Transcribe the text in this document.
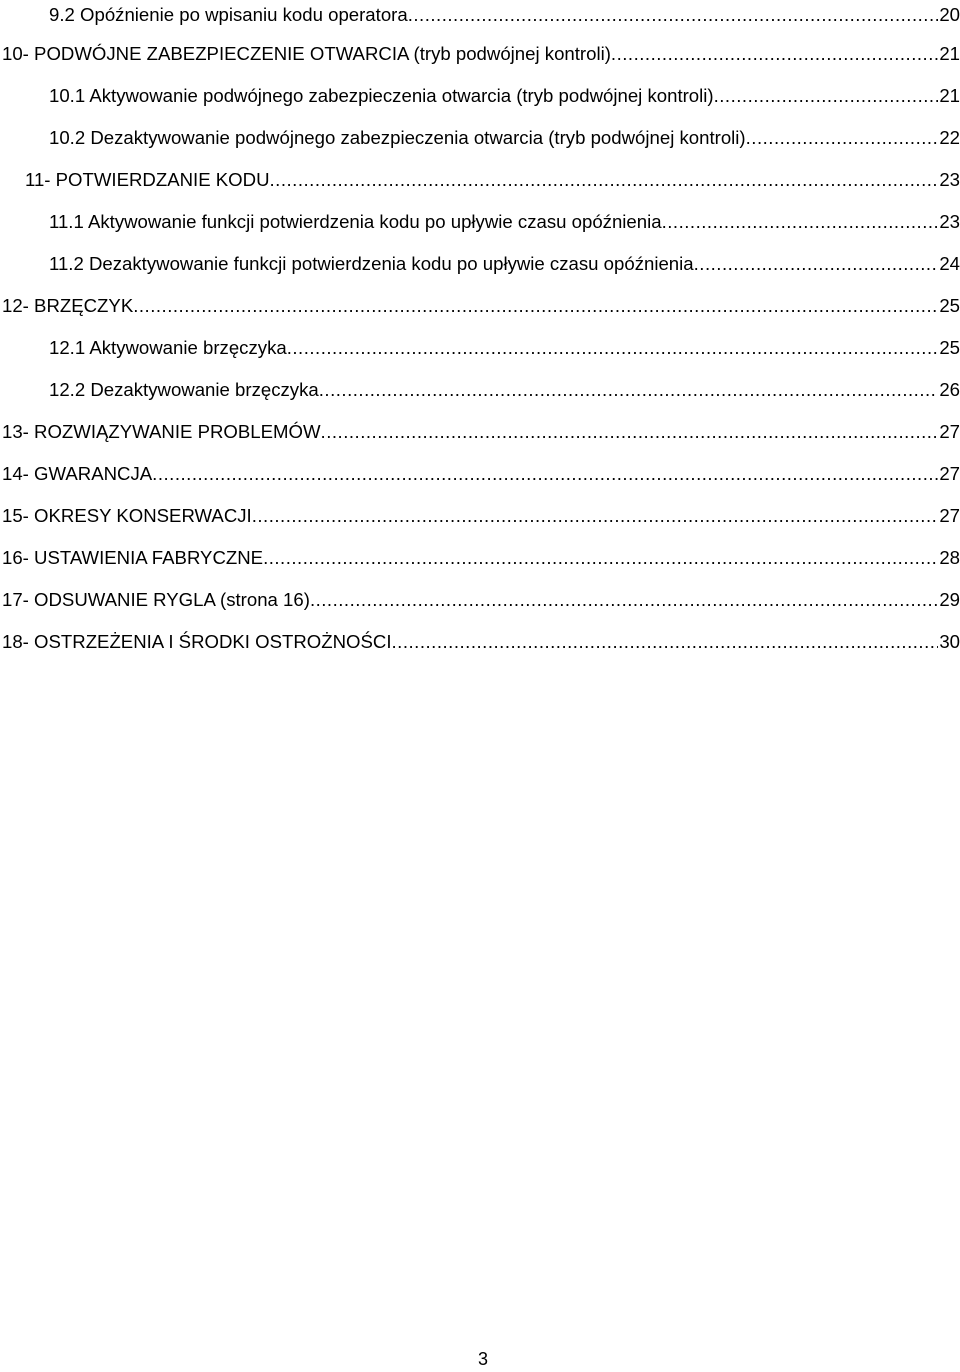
9.2 Opóźnienie po wpisaniu kodu operatora .....	20
10- PODWÓJNE ZABEZPIECZENIE OTWARCIA (tryb podwójnej kontroli) .....	21
10.1 Aktywowanie podwójnego zabezpieczenia otwarcia (tryb podwójnej kontroli) .....	21
10.2 Dezaktywowanie podwójnego zabezpieczenia otwarcia (tryb podwójnej kontroli) .....	22
11- POTWIERDZANIE KODU .....	23
11.1 Aktywowanie funkcji potwierdzenia kodu po upływie czasu opóźnienia .....	23
11.2 Dezaktywowanie funkcji potwierdzenia kodu po upływie czasu opóźnienia .....	24
12- BRZĘCZYK .....	25
12.1 Aktywowanie brzęczyka .....	25
12.2 Dezaktywowanie brzęczyka .....	26
13- ROZWIĄZYWANIE PROBLEMÓW .....	27
14- GWARANCJA .....	27
15- OKRESY KONSERWACJI .....	27
16- USTAWIENIA FABRYCZNE .....	28
17- ODSUWANIE RYGLA (strona 16) .....	29
18- OSTRZEŻENIA I ŚRODKI OSTROŻNOŚCI .....	30
3
